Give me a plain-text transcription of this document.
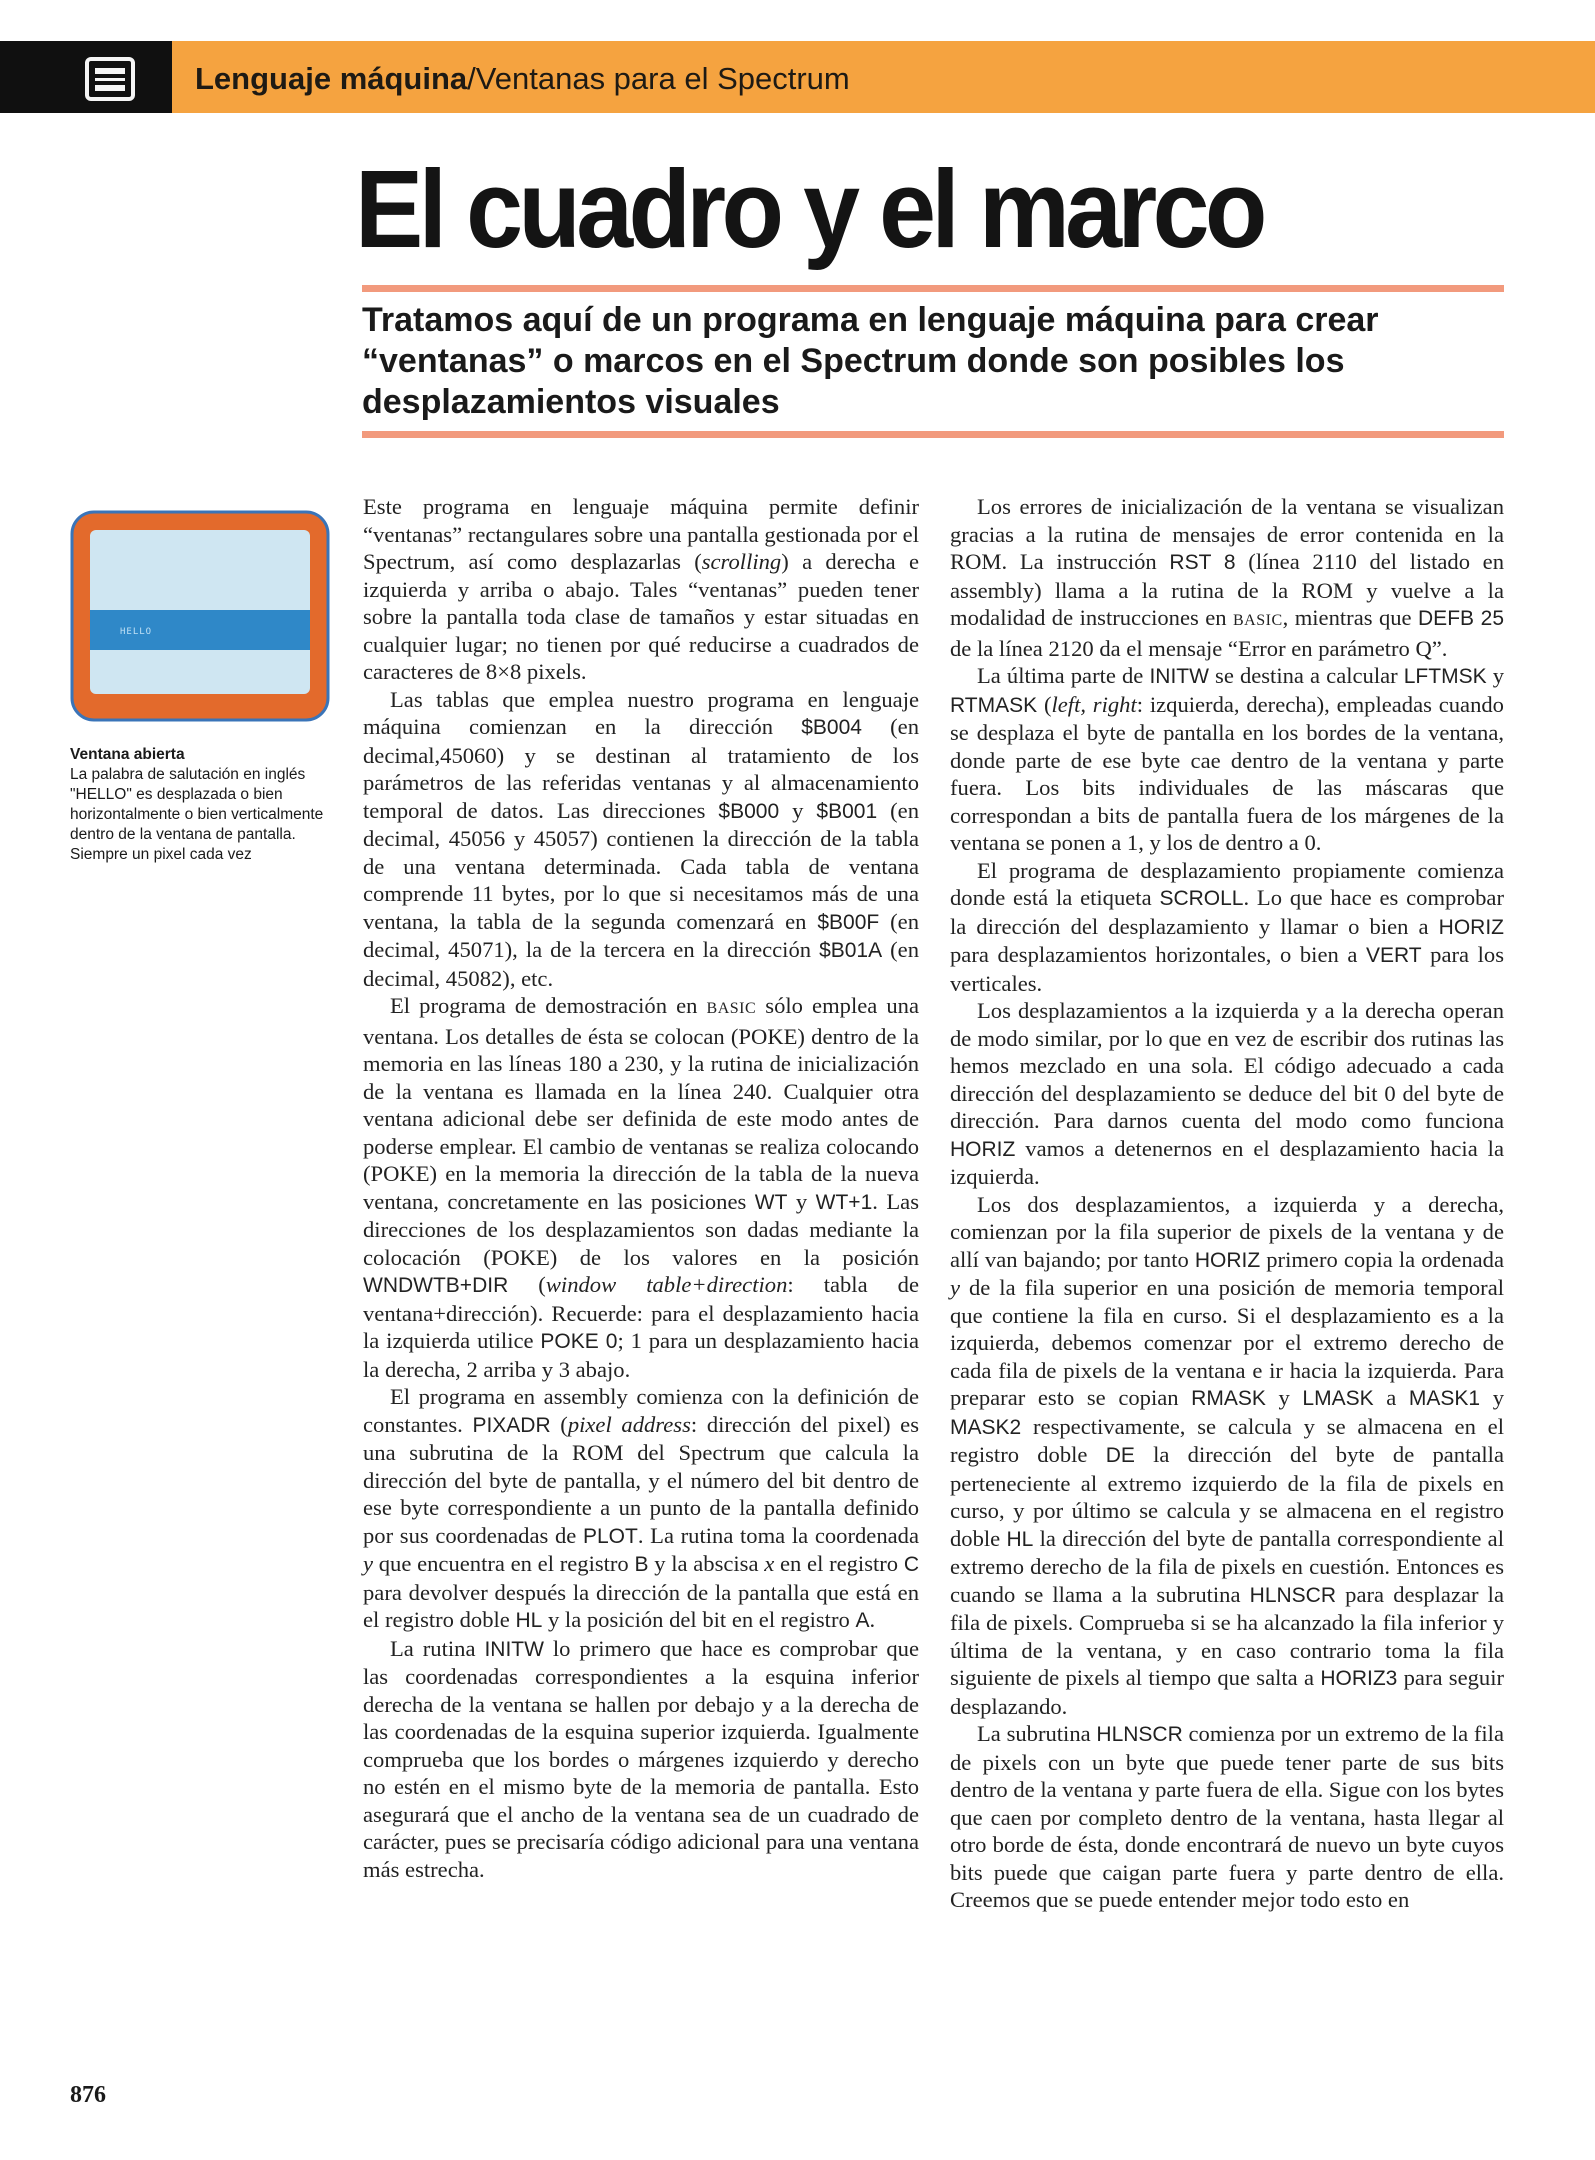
Lenguaje máquina/Ventanas para el Spectrum
El cuadro y el marco
Tratamos aquí de un programa en lenguaje máquina para crear “ventanas” o marcos en el Spectrum donde son posibles los desplazamientos visuales
HELLO
Ventana abierta
La palabra de salutación en inglés "HELLO" es desplazada o bien horizontalmente o bien verticalmente dentro de la ventana de pantalla. Siempre un pixel cada vez

Este programa en lenguaje máquina permite definir “ventanas” rectangulares sobre una pantalla gestionada por el Spectrum, así como desplazarlas (scrolling) a derecha e izquierda y arriba o abajo. Tales “ventanas” pueden tener sobre la pantalla toda clase de tamaños y estar situadas en cualquier lugar; no tienen por qué reducirse a cuadrados de caracteres de 8×8 pixels.

Las tablas que emplea nuestro programa en lenguaje máquina comienzan en la dirección $B004 (en decimal,45060) y se destinan al tratamiento de los parámetros de las referidas ventanas y al almacenamiento temporal de datos. Las direcciones $B000 y $B001 (en decimal, 45056 y 45057) contienen la dirección de la tabla de una ventana determinada. Cada tabla de ventana comprende 11 bytes, por lo que si necesitamos más de una ventana, la tabla de la segunda comenzará en $B00F (en decimal, 45071), la de la tercera en la dirección $B01A (en decimal, 45082), etc.

El programa de demostración en BASIC sólo emplea una ventana. Los detalles de ésta se colocan (POKE) dentro de la memoria en las líneas 180 a 230, y la rutina de inicialización de la ventana es llamada en la línea 240. Cualquier otra ventana adicional debe ser definida de este modo antes de poderse emplear. El cambio de ventanas se realiza colocando (POKE) en la memoria la dirección de la tabla de la nueva ventana, concretamente en las posiciones WT y WT+1. Las direcciones de los desplazamientos son dadas mediante la colocación (POKE) de los valores en la posición WNDWTB+DIR (window table+direction: tabla de ventana+dirección). Recuerde: para el desplazamiento hacia la izquierda utilice POKE 0; 1 para un desplazamiento hacia la derecha, 2 arriba y 3 abajo.

El programa en assembly comienza con la definición de constantes. PIXADR (pixel address: dirección del pixel) es una subrutina de la ROM del Spectrum que calcula la dirección del byte de pantalla, y el número del bit dentro de ese byte correspondiente a un punto de la pantalla definido por sus coordenadas de PLOT. La rutina toma la coordenada y que encuentra en el registro B y la abscisa x en el registro C para devolver después la dirección de la pantalla que está en el registro doble HL y la posición del bit en el registro A.

La rutina INITW lo primero que hace es comprobar que las coordenadas correspondientes a la esquina inferior derecha de la ventana se hallen por debajo y a la derecha de las coordenadas de la esquina superior izquierda. Igualmente comprueba que los bordes o márgenes izquierdo y derecho no estén en el mismo byte de la memoria de pantalla. Esto asegurará que el ancho de la ventana sea de un cuadrado de carácter, pues se precisaría código adicional para una ventana más estrecha.

Los errores de inicialización de la ventana se visualizan gracias a la rutina de mensajes de error contenida en la ROM. La instrucción RST 8 (línea 2110 del listado en assembly) llama a la rutina de la ROM y vuelve a la modalidad de instrucciones en BASIC, mientras que DEFB 25 de la línea 2120 da el mensaje “Error en parámetro Q”.

La última parte de INITW se destina a calcular LFTMSK y RTMASK (left, right: izquierda, derecha), empleadas cuando se desplaza el byte de pantalla en los bordes de la ventana, donde parte de ese byte cae dentro de la ventana y parte fuera. Los bits individuales de las máscaras que correspondan a bits de pantalla fuera de los márgenes de la ventana se ponen a 1, y los de dentro a 0.

El programa de desplazamiento propiamente comienza donde está la etiqueta SCROLL. Lo que hace es comprobar la dirección del desplazamiento y llamar o bien a HORIZ para desplazamientos horizontales, o bien a VERT para los verticales.

Los desplazamientos a la izquierda y a la derecha operan de modo similar, por lo que en vez de escribir dos rutinas las hemos mezclado en una sola. El código adecuado a cada dirección del desplazamiento se deduce del bit 0 del byte de dirección. Para darnos cuenta del modo como funciona HORIZ vamos a detenernos en el desplazamiento hacia la izquierda.

Los dos desplazamientos, a izquierda y a derecha, comienzan por la fila superior de pixels de la ventana y de allí van bajando; por tanto HORIZ primero copia la ordenada y de la fila superior en una posición de memoria temporal que contiene la fila en curso. Si el desplazamiento es a la izquierda, debemos comenzar por el extremo derecho de cada fila de pixels de la ventana e ir hacia la izquierda. Para preparar esto se copian RMASK y LMASK a MASK1 y MASK2 respectivamente, se calcula y se almacena en el registro doble DE la dirección del byte de pantalla perteneciente al extremo izquierdo de la fila de pixels en curso, y por último se calcula y se almacena en el registro doble HL la dirección del byte de pantalla correspondiente al extremo derecho de la fila de pixels en cuestión. Entonces es cuando se llama a la subrutina HLNSCR para desplazar la fila de pixels. Comprueba si se ha alcanzado la fila inferior y última de la ventana, y en caso contrario toma la fila siguiente de pixels al tiempo que salta a HORIZ3 para seguir desplazando.

La subrutina HLNSCR comienza por un extremo de la fila de pixels con un byte que puede tener parte de sus bits dentro de la ventana y parte fuera de ella. Sigue con los bytes que caen por completo dentro de la ventana, hasta llegar al otro borde de ésta, donde encontrará de nuevo un byte cuyos bits puede que caigan parte fuera y parte dentro de ella. Creemos que se puede entender mejor todo esto en

876
